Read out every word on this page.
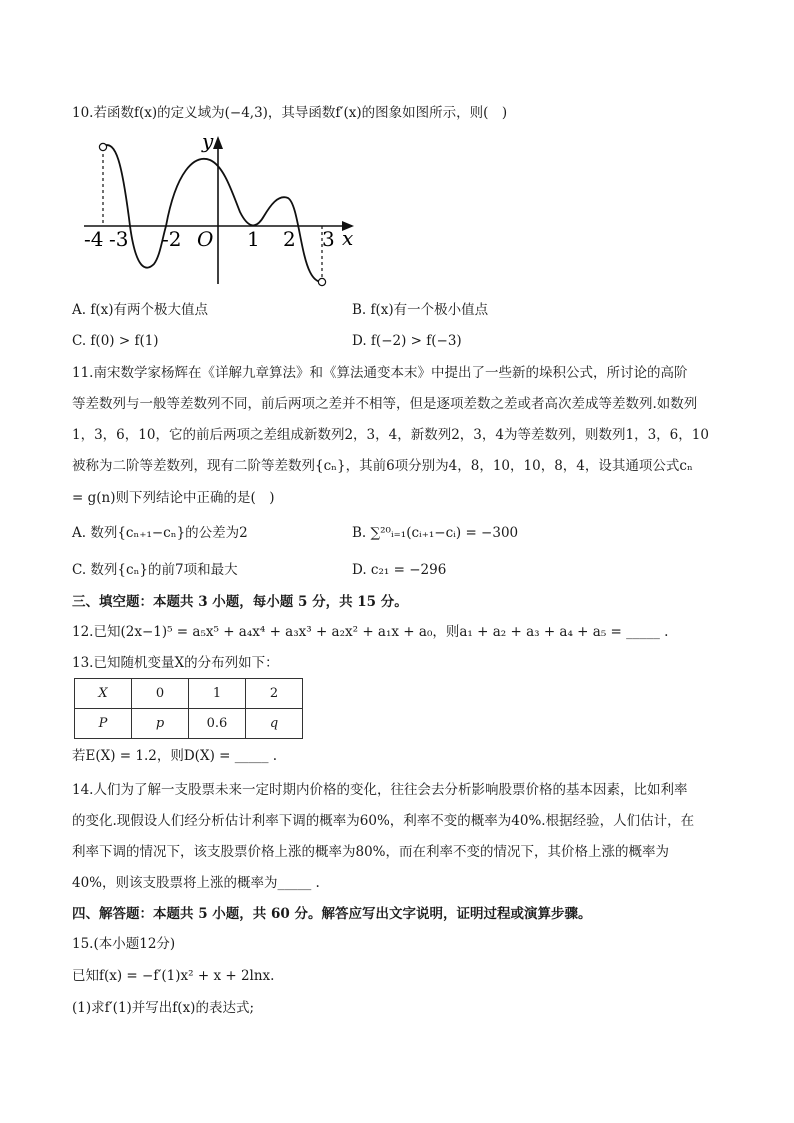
10.若函数f(x)的定义域为(−4,3)，其导函数f′(x)的图象如图所示，则(　)
y
x
O
-4 -3 -2	1 2 3
A. f(x)有两个极大值点	B. f(x)有一个极小值点
C. f(0) > f(1)	D. f(−2) > f(−3)
11.南宋数学家杨辉在《详解九章算法》和《算法通变本末》中提出了一些新的垛积公式，所讨论的高阶
等差数列与一般等差数列不同，前后两项之差并不相等，但是逐项差数之差或者高次差成等差数列.如数列
1，3，6，10，它的前后两项之差组成新数列2，3，4，新数列2，3，4为等差数列，则数列1，3，6，10
被称为二阶等差数列，现有二阶等差数列{cₙ}，其前6项分别为4，8，10，10，8，4，设其通项公式cₙ
= g(n)则下列结论中正确的是(　)
A. 数列{cₙ₊₁−cₙ}的公差为2	B. ∑²⁰ᵢ₌₁(cᵢ₊₁−cᵢ) = −300
C. 数列{cₙ}的前7项和最大	D. c₂₁ = −296
三、填空题：本题共 3 小题，每小题 5 分，共 15 分。
12.已知(2x−1)⁵ = a₅x⁵ + a₄x⁴ + a₃x³ + a₂x² + a₁x + a₀，则a₁ + a₂ + a₃ + a₄ + a₅ = _____ .
13.已知随机变量X的分布列如下：
X	0	1	2
P	p	0.6	q
若E(X) = 1.2，则D(X) = _____ .
14.人们为了解一支股票未来一定时期内价格的变化，往往会去分析影响股票价格的基本因素，比如利率
的变化.现假设人们经分析估计利率下调的概率为60%，利率不变的概率为40%.根据经验，人们估计，在
利率下调的情况下，该支股票价格上涨的概率为80%，而在利率不变的情况下，其价格上涨的概率为
40%，则该支股票将上涨的概率为_____ .
四、解答题：本题共 5 小题，共 60 分。解答应写出文字说明，证明过程或演算步骤。
15.(本小题12分)
已知f(x) = −f′(1)x² + x + 2lnx.
(1)求f′(1)并写出f(x)的表达式;
